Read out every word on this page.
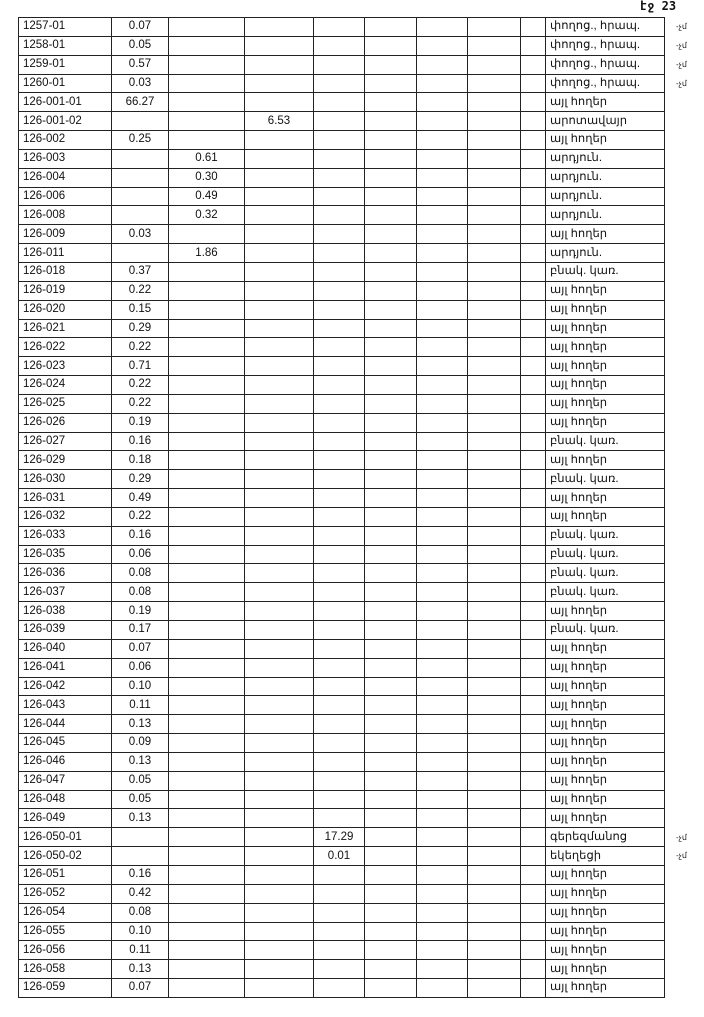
էջ 23
1257-01	0.07								փողոց., հրապ.
1258-01	0.05								փողոց., հրապ.
1259-01	0.57								փողոց., հրապ.
1260-01	0.03								փողոց., հրապ.
126-001-01	66.27								այլ հողեր
126-001-02			6.53						արոտավայր
126-002	0.25								այլ հողեր
126-003		0.61							արդյուն.
126-004		0.30							արդյուն.
126-006		0.49							արդյուն.
126-008		0.32							արդյուն.
126-009	0.03								այլ հողեր
126-011		1.86							արդյուն.
126-018	0.37								բնակ. կառ.
126-019	0.22								այլ հողեր
126-020	0.15								այլ հողեր
126-021	0.29								այլ հողեր
126-022	0.22								այլ հողեր
126-023	0.71								այլ հողեր
126-024	0.22								այլ հողեր
126-025	0.22								այլ հողեր
126-026	0.19								այլ հողեր
126-027	0.16								բնակ. կառ.
126-029	0.18								այլ հողեր
126-030	0.29								բնակ. կառ.
126-031	0.49								այլ հողեր
126-032	0.22								այլ հողեր
126-033	0.16								բնակ. կառ.
126-035	0.06								բնակ. կառ.
126-036	0.08								բնակ. կառ.
126-037	0.08								բնակ. կառ.
126-038	0.19								այլ հողեր
126-039	0.17								բնակ. կառ.
126-040	0.07								այլ հողեր
126-041	0.06								այլ հողեր
126-042	0.10								այլ հողեր
126-043	0.11								այլ հողեր
126-044	0.13								այլ հողեր
126-045	0.09								այլ հողեր
126-046	0.13								այլ հողեր
126-047	0.05								այլ հողեր
126-048	0.05								այլ հողեր
126-049	0.13								այլ հողեր
126-050-01				17.29					գերեզմանոց
126-050-02				0.01					եկեղեցի
126-051	0.16								այլ հողեր
126-052	0.42								այլ հողեր
126-054	0.08								այլ հողեր
126-055	0.10								այլ հողեր
126-056	0.11								այլ հողեր
126-058	0.13								այլ հողեր
126-059	0.07								այլ հողեր
-չմ
-չմ
-չմ
-չմ
-չմ
-չմ
